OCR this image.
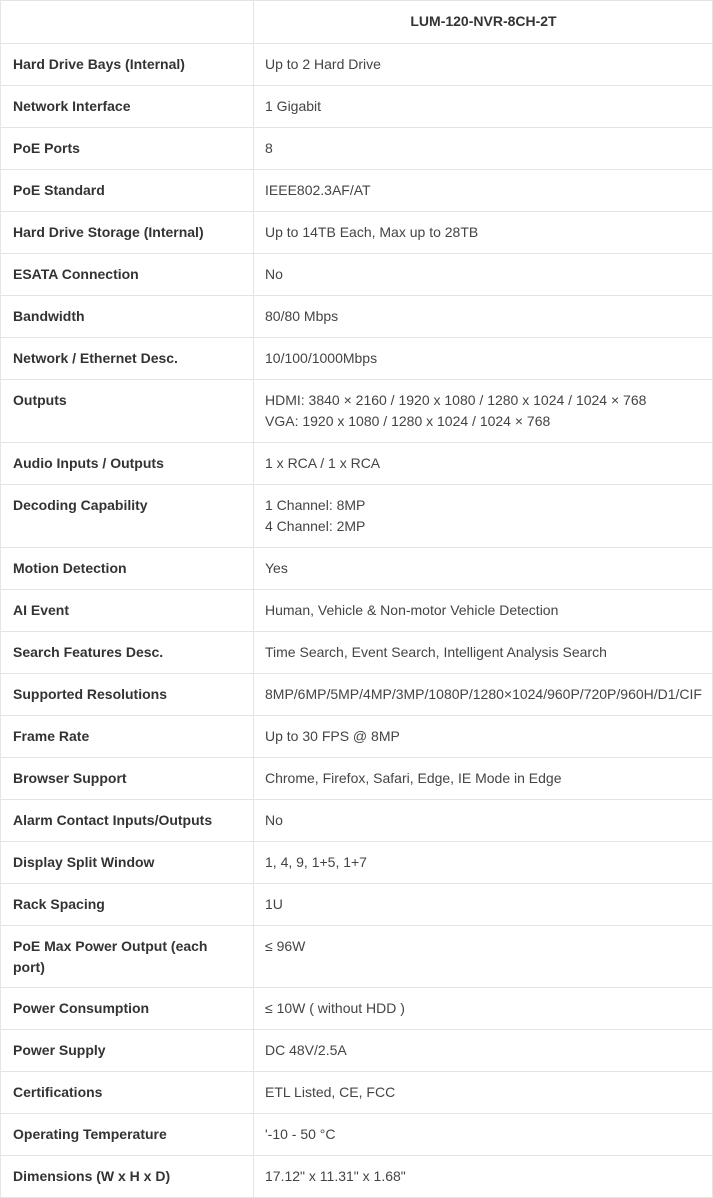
	LUM-120-NVR-8CH-2T
Hard Drive Bays (Internal)	Up to 2 Hard Drive
Network Interface	1 Gigabit
PoE Ports	8
PoE Standard	IEEE802.3AF/AT
Hard Drive Storage (Internal)	Up to 14TB Each, Max up to 28TB
ESATA Connection	No
Bandwidth	80/80 Mbps
Network / Ethernet Desc.	10/100/1000Mbps
Outputs	HDMI: 3840 × 2160 / 1920 x 1080 / 1280 x 1024 / 1024 × 768
VGA: 1920 x 1080 / 1280 x 1024 / 1024 × 768

Audio Inputs / Outputs	1 x RCA / 1 x RCA
Decoding Capability	1 Channel: 8MP
4 Channel: 2MP

Motion Detection	Yes
AI Event	Human, Vehicle & Non-motor Vehicle Detection
Search Features Desc.	Time Search, Event Search, Intelligent Analysis Search
Supported Resolutions	8MP/6MP/5MP/4MP/3MP/1080P/1280×1024/960P/720P/960H/D1/CIF
Frame Rate	Up to 30 FPS @ 8MP
Browser Support	Chrome, Firefox, Safari, Edge, IE Mode in Edge
Alarm Contact Inputs/Outputs	No
Display Split Window	1, 4, 9, 1+5, 1+7
Rack Spacing	1U
PoE Max Power Output (each port)	≤ 96W
Power Consumption	≤ 10W ( without HDD )
Power Supply	DC 48V/2.5A
Certifications	ETL Listed, CE, FCC
Operating Temperature	'-10 - 50 °C
Dimensions (W x H x D)	17.12" x 11.31" x 1.68"
